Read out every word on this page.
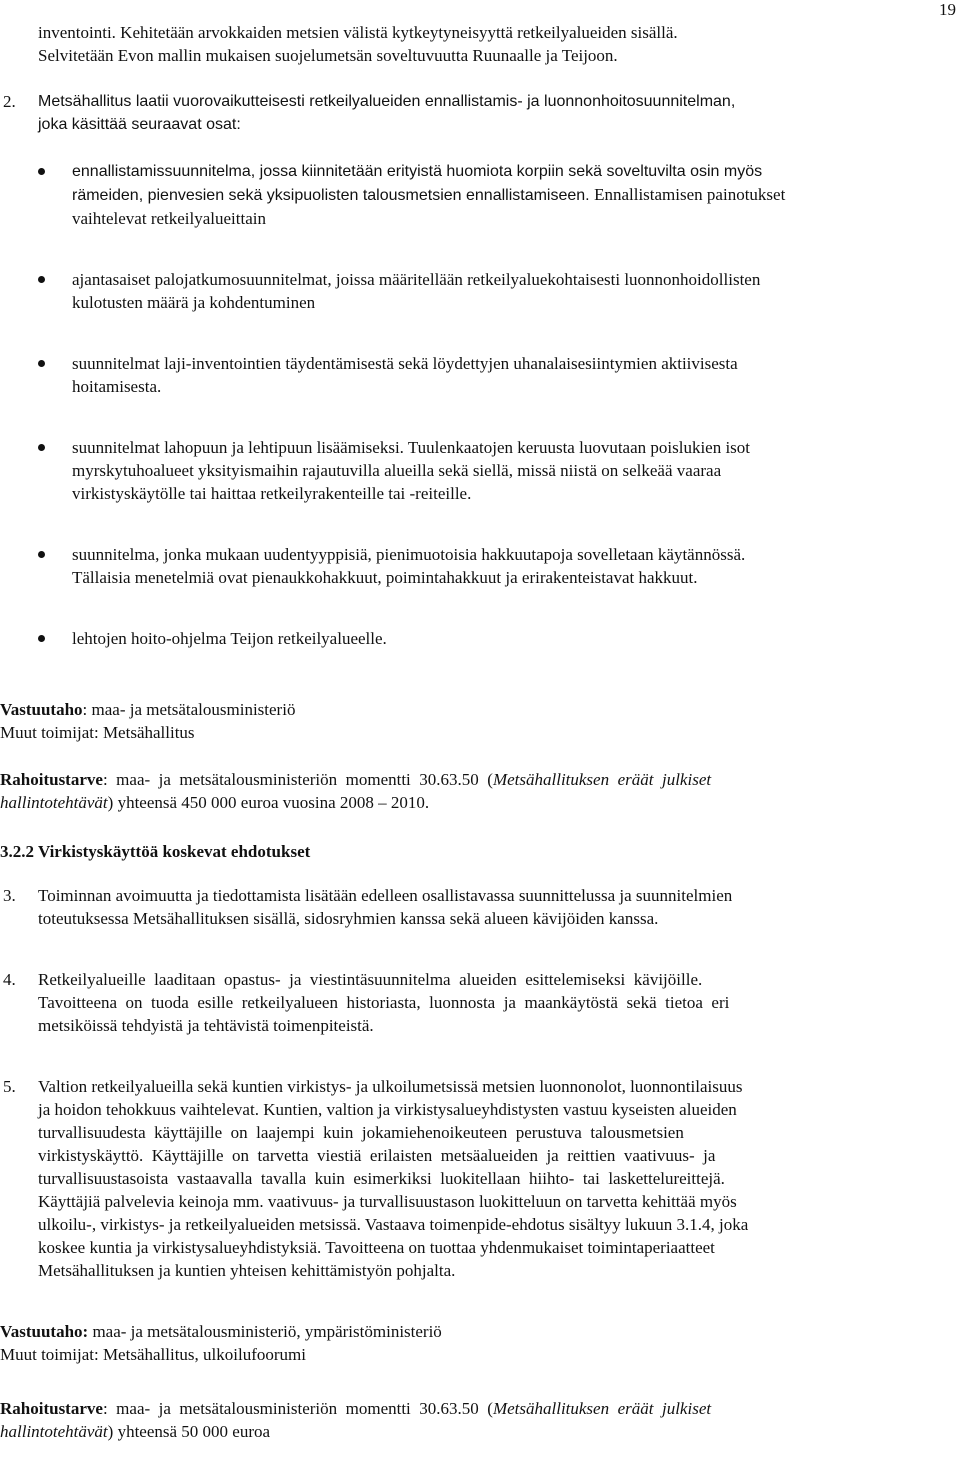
19
inventointi. Kehitetään arvokkaiden metsien välistä kytkeytyneisyyttä retkeilyalueiden sisällä.
Selvitetään Evon mallin mukaisen suojelumetsän soveltuvuutta Ruunaalle ja Teijoon.
2. Metsähallitus laatii vuorovaikutteisesti retkeilyalueiden ennallistamis- ja luonnonhoitosuunnitelman,
joka käsittää seuraavat osat:
ennallistamissuunnitelma, jossa kiinnitetään erityistä huomiota korpiin sekä soveltuvilta osin myös
rämeiden, pienvesien sekä yksipuolisten talousmetsien ennallistamiseen. Ennallistamisen painotukset
vaihtelevat retkeilyalueittain
ajantasaiset palojatkumosuunnitelmat, joissa määritellään retkeilyaluekohtaisesti luonnonhoidollisten
kulotusten määrä ja kohdentuminen
suunnitelmat laji-inventointien täydentämisestä sekä löydettyjen uhanalaisesiintymien aktiivisesta
hoitamisesta.
suunnitelmat lahopuun ja lehtipuun lisäämiseksi. Tuulenkaatojen keruusta luovutaan poislukien isot
myrskytuhoalueet yksityismaihin rajautuvilla alueilla sekä siellä, missä niistä on selkeää vaaraa
virkistyskäytölle tai haittaa retkeilyrakenteille tai -reiteille.
suunnitelma, jonka mukaan uudentyyppisiä, pienimuotoisia hakkuutapoja sovelletaan käytännössä.
Tällaisia menetelmiä ovat pienaukkohakkuut, poimintahakkuut ja erirakenteistavat hakkuut.
lehtojen hoito-ohjelma Teijon retkeilyalueelle.
Vastuutaho: maa- ja metsätalousministeriö
Muut toimijat: Metsähallitus
Rahoitustarve:  maa-  ja  metsätalousministeriön  momentti  30.63.50  (Metsähallituksen  eräät  julkiset
hallintotehtävät) yhteensä 450 000 euroa vuosina 2008 – 2010.
3.2.2 Virkistyskäyttöä koskevat ehdotukset
3. Toiminnan avoimuutta ja tiedottamista lisätään edelleen osallistavassa suunnittelussa ja suunnitelmien
toteutuksessa Metsähallituksen sisällä, sidosryhmien kanssa sekä alueen kävijöiden kanssa.
4. Retkeilyalueille  laaditaan  opastus-  ja  viestintäsuunnitelma  alueiden  esittelemiseksi  kävijöille.
Tavoitteena  on  tuoda  esille  retkeilyalueen  historiasta,  luonnosta  ja  maankäytöstä  sekä  tietoa  eri
metsiköissä tehdyistä ja tehtävistä toimenpiteistä.
5. Valtion retkeilyalueilla sekä kuntien virkistys- ja ulkoilumetsissä metsien luonnonolot, luonnontilaisuus
ja hoidon tehokkuus vaihtelevat. Kuntien, valtion ja virkistysalueyhdistysten vastuu kyseisten alueiden
turvallisuudesta  käyttäjille  on  laajempi  kuin  jokamiehenoikeuteen  perustuva  talousmetsien
virkistyskäyttö.  Käyttäjille  on  tarvetta  viestiä  erilaisten  metsäalueiden  ja  reittien  vaativuus-  ja
turvallisuustasoista  vastaavalla  tavalla  kuin  esimerkiksi  luokitellaan  hiihto-  tai  laskettelureittejä.
Käyttäjiä palvelevia keinoja mm. vaativuus- ja turvallisuustason luokitteluun on tarvetta kehittää myös
ulkoilu-, virkistys- ja retkeilyalueiden metsissä. Vastaava toimenpide-ehdotus sisältyy lukuun 3.1.4, joka
koskee kuntia ja virkistysalueyhdistyksiä. Tavoitteena on tuottaa yhdenmukaiset toimintaperiaatteet
Metsähallituksen ja kuntien yhteisen kehittämistyön pohjalta.
Vastuutaho: maa- ja metsätalousministeriö, ympäristöministeriö
Muut toimijat: Metsähallitus, ulkoilufoorumi
Rahoitustarve:  maa-  ja  metsätalousministeriön  momentti  30.63.50  (Metsähallituksen  eräät  julkiset
hallintotehtävät) yhteensä 50 000 euroa
